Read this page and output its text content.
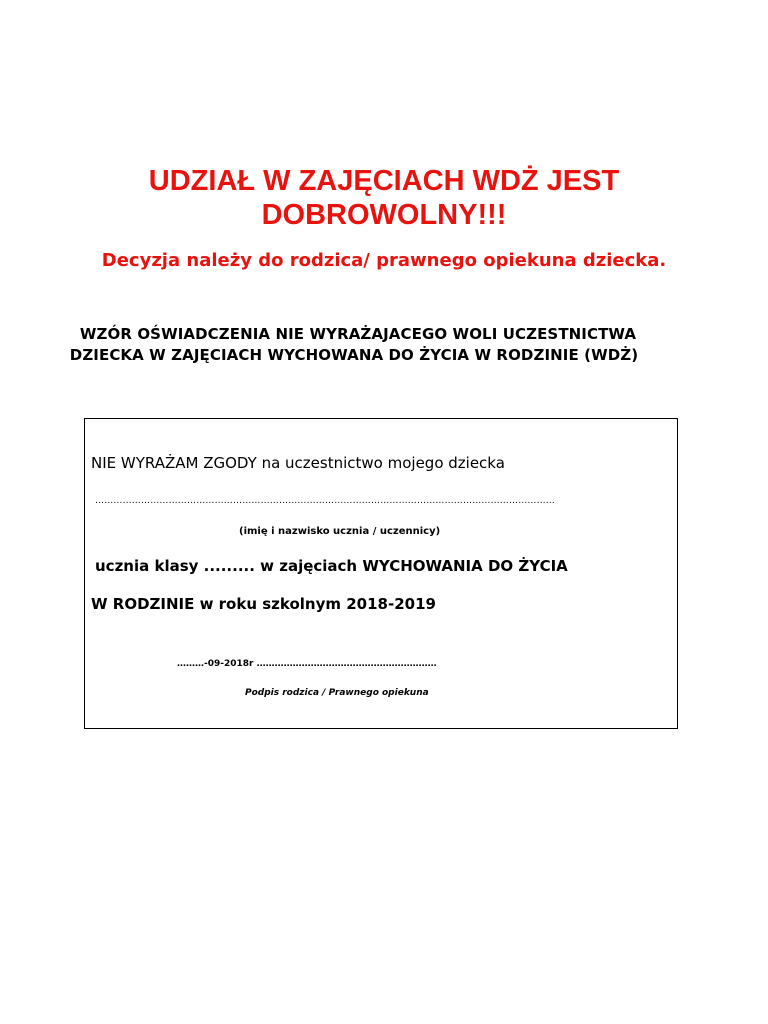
UDZIAŁ W ZAJĘCIACH WDŻ JEST
DOBROWOLNY!!!

Decyzja należy do rodzica/ prawnego opiekuna dziecka.

WZÓR OŚWIADCZENIA NIE WYRAŻAJACEGO WOLI UCZESTNICTWA

DZIECKA W ZAJĘCIACH WYCHOWANA DO ŻYCIA W RODZINIE (WDŻ)

NIE WYRAŻAM ZGODY na uczestnictwo mojego dziecka

……………………………………………………………………………………………………………………………………

(imię i nazwisko ucznia / uczennicy)

ucznia klasy ......... w zajęciach WYCHOWANIA DO ŻYCIA

W RODZINIE w roku szkolnym 2018-2019

………-09-2018r ……………………………………………………

Podpis rodzica / Prawnego opiekuna
